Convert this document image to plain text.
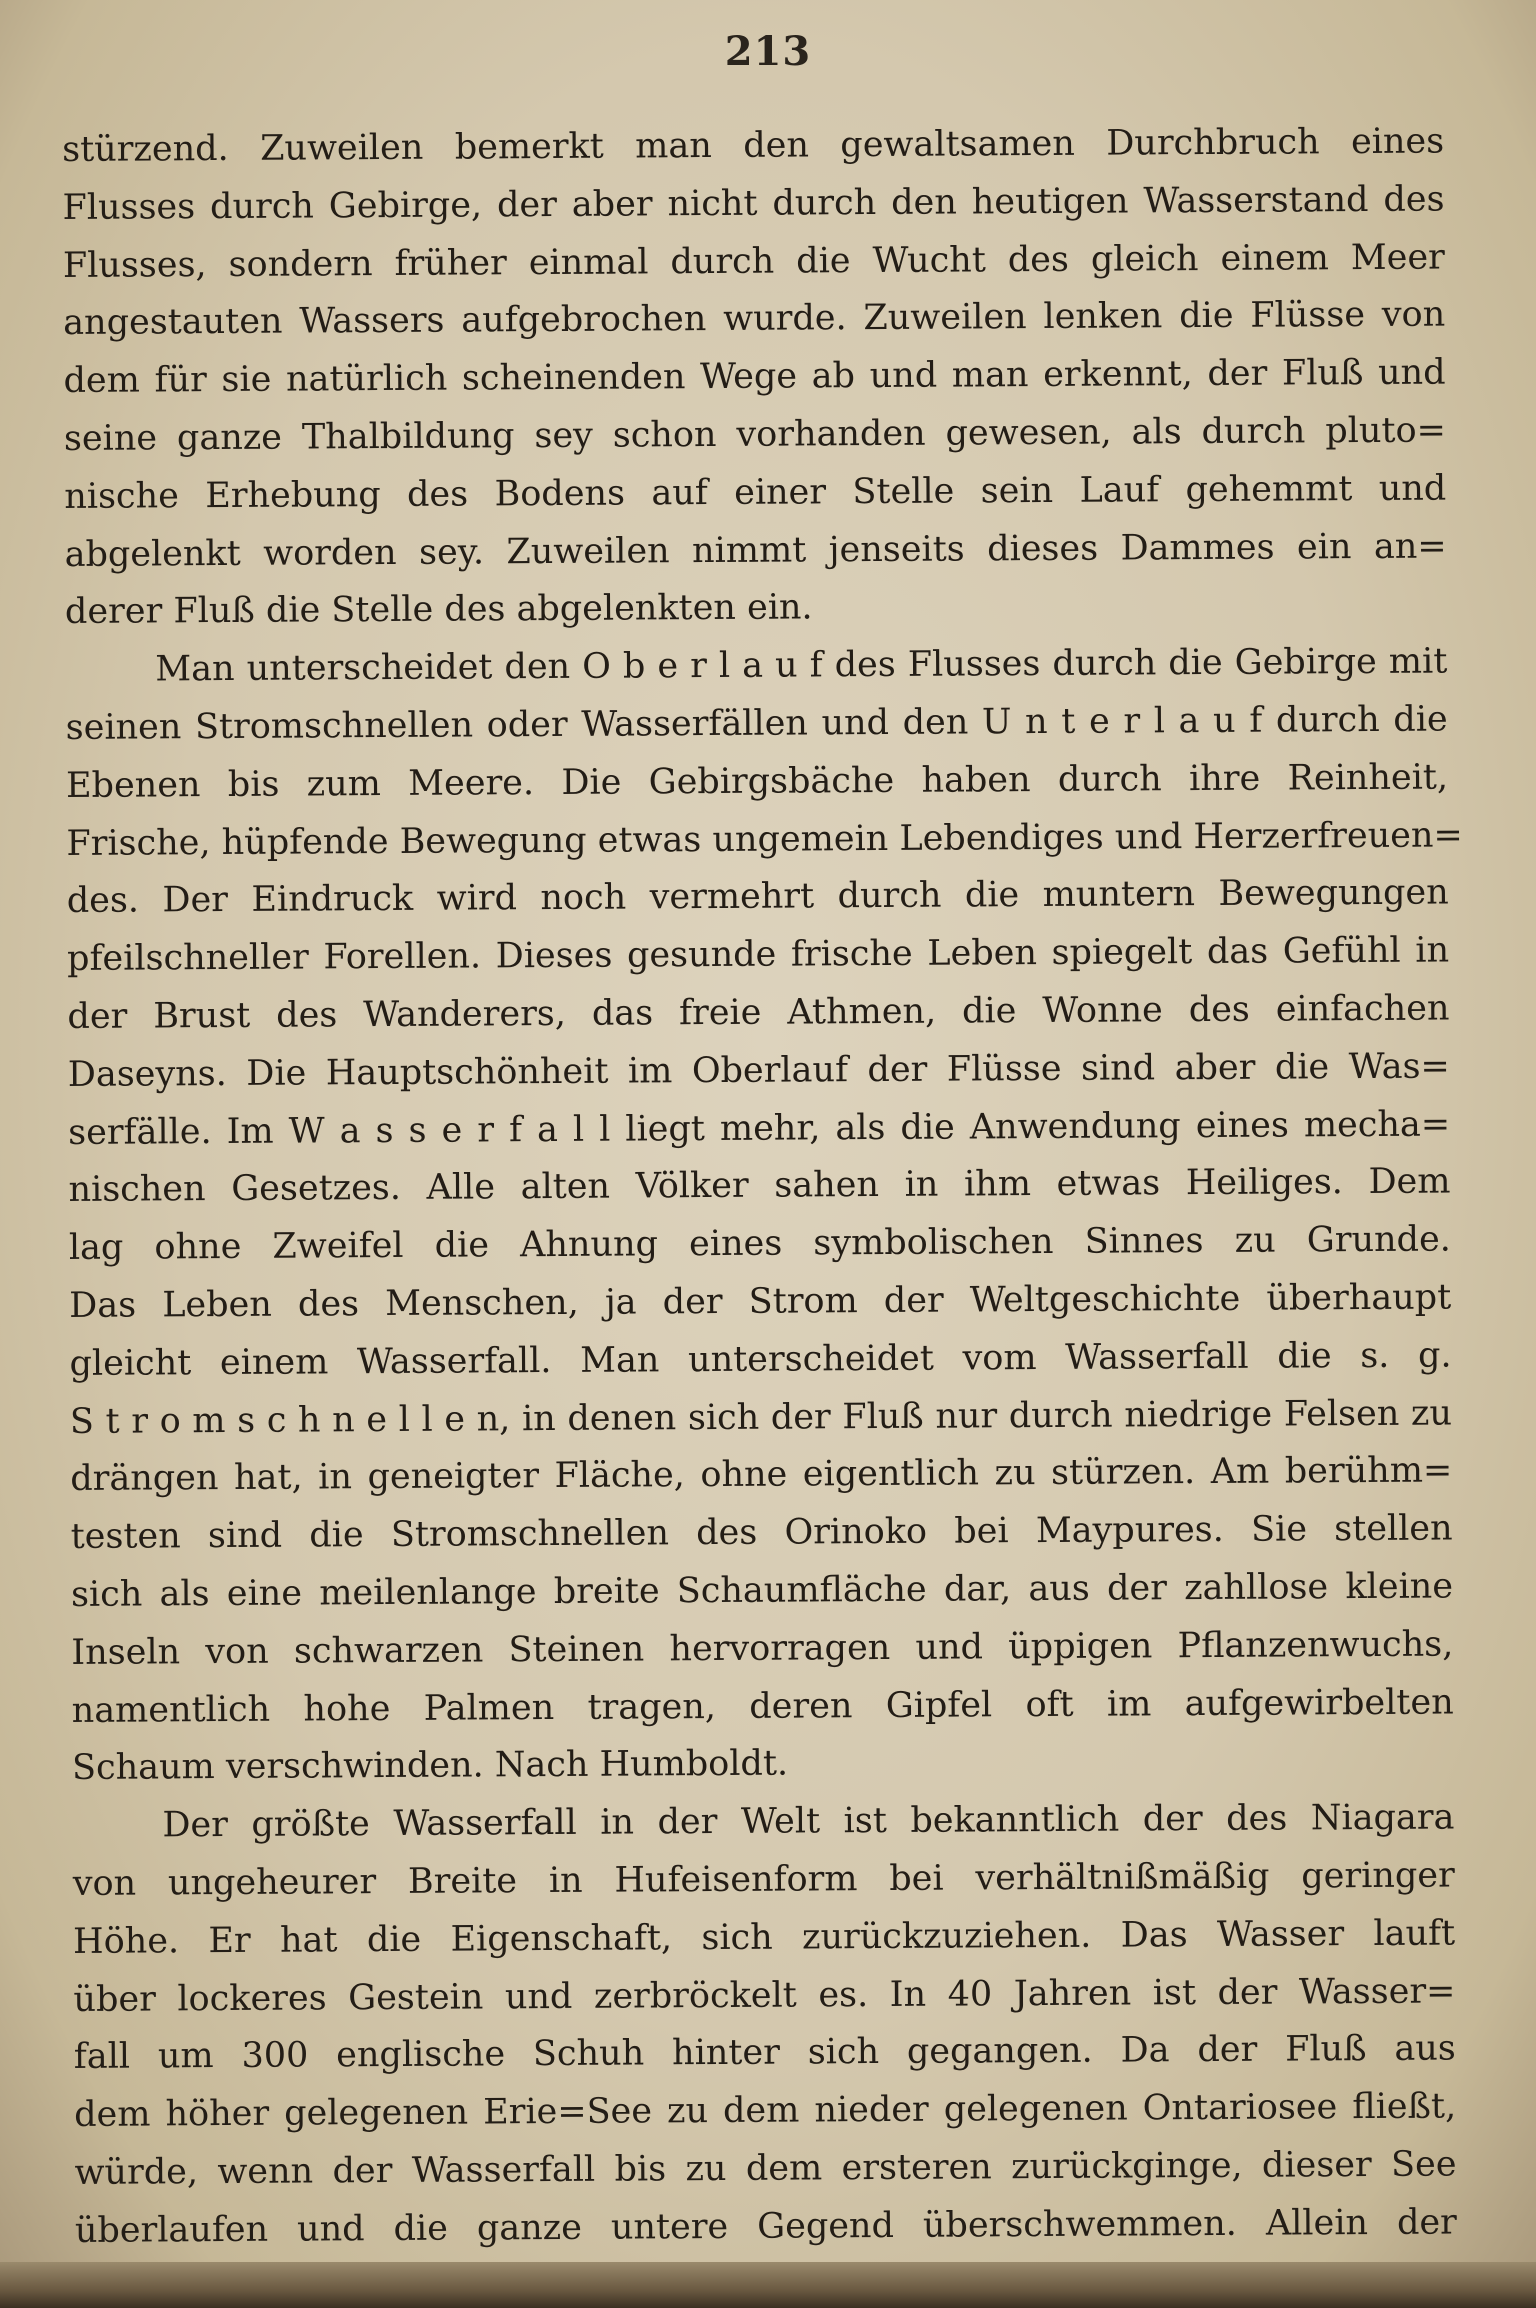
213
stürzend. Zuweilen bemerkt man den gewaltsamen Durchbruch eines
Flusses durch Gebirge, der aber nicht durch den heutigen Wasserstand des
Flusses, sondern früher einmal durch die Wucht des gleich einem Meer
angestauten Wassers aufgebrochen wurde. Zuweilen lenken die Flüsse von
dem für sie natürlich scheinenden Wege ab und man erkennt, der Fluß und
seine ganze Thalbildung sey schon vorhanden gewesen, als durch pluto=
nische Erhebung des Bodens auf einer Stelle sein Lauf gehemmt und
abgelenkt worden sey. Zuweilen nimmt jenseits dieses Dammes ein an=
derer Fluß die Stelle des abgelenkten ein.
Man unterscheidet den O b e r l a u f des Flusses durch die Gebirge mit
seinen Stromschnellen oder Wasserfällen und den U n t e r l a u f durch die
Ebenen bis zum Meere. Die Gebirgsbäche haben durch ihre Reinheit,
Frische, hüpfende Bewegung etwas ungemein Lebendiges und Herzerfreuen=
des. Der Eindruck wird noch vermehrt durch die muntern Bewegungen
pfeilschneller Forellen. Dieses gesunde frische Leben spiegelt das Gefühl in
der Brust des Wanderers, das freie Athmen, die Wonne des einfachen
Daseyns. Die Hauptschönheit im Oberlauf der Flüsse sind aber die Was=
serfälle. Im W a s s e r f a l l liegt mehr, als die Anwendung eines mecha=
nischen Gesetzes. Alle alten Völker sahen in ihm etwas Heiliges. Dem
lag ohne Zweifel die Ahnung eines symbolischen Sinnes zu Grunde.
Das Leben des Menschen, ja der Strom der Weltgeschichte überhaupt
gleicht einem Wasserfall. Man unterscheidet vom Wasserfall die s. g.
S t r o m s c h n e l l e n, in denen sich der Fluß nur durch niedrige Felsen zu
drängen hat, in geneigter Fläche, ohne eigentlich zu stürzen. Am berühm=
testen sind die Stromschnellen des Orinoko bei Maypures. Sie stellen
sich als eine meilenlange breite Schaumfläche dar, aus der zahllose kleine
Inseln von schwarzen Steinen hervorragen und üppigen Pflanzenwuchs,
namentlich hohe Palmen tragen, deren Gipfel oft im aufgewirbelten
Schaum verschwinden. Nach Humboldt.
Der größte Wasserfall in der Welt ist bekanntlich der des Niagara
von ungeheurer Breite in Hufeisenform bei verhältnißmäßig geringer
Höhe. Er hat die Eigenschaft, sich zurückzuziehen. Das Wasser lauft
über lockeres Gestein und zerbröckelt es. In 40 Jahren ist der Wasser=
fall um 300 englische Schuh hinter sich gegangen. Da der Fluß aus
dem höher gelegenen Erie=See zu dem nieder gelegenen Ontariosee fließt,
würde, wenn der Wasserfall bis zu dem ersteren zurückginge, dieser See
überlaufen und die ganze untere Gegend überschwemmen. Allein der
